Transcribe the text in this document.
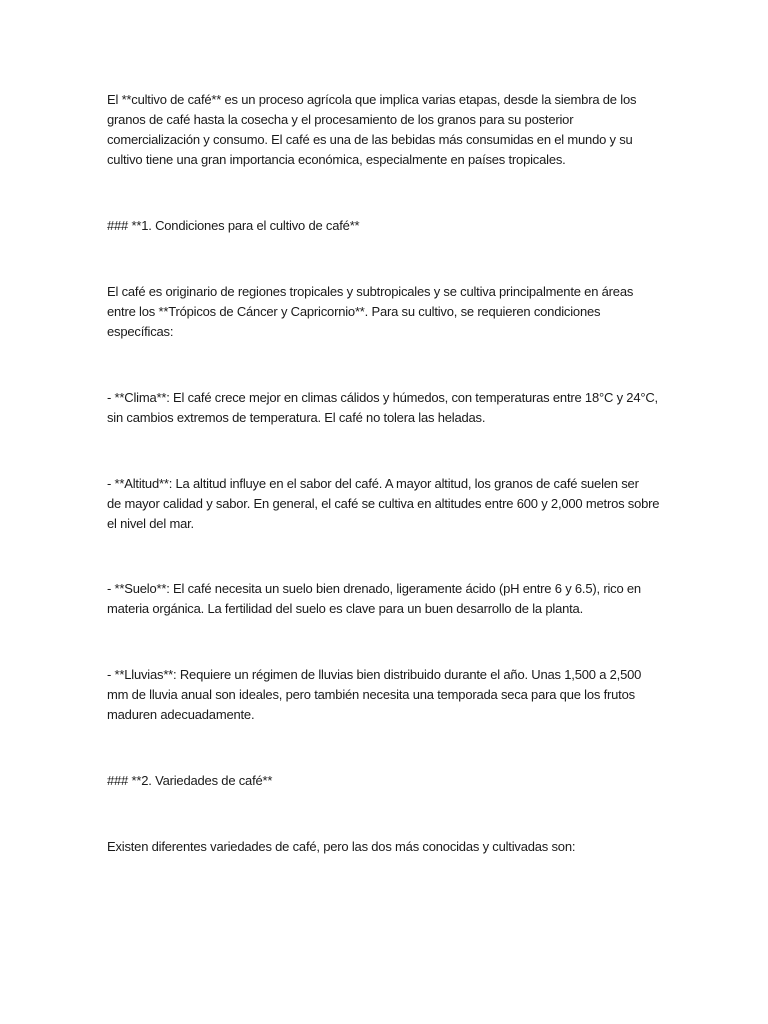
El **cultivo de café** es un proceso agrícola que implica varias etapas, desde la siembra de los
granos de café hasta la cosecha y el procesamiento de los granos para su posterior
comercialización y consumo. El café es una de las bebidas más consumidas en el mundo y su
cultivo tiene una gran importancia económica, especialmente en países tropicales.

### **1. Condiciones para el cultivo de café**

El café es originario de regiones tropicales y subtropicales y se cultiva principalmente en áreas
entre los **Trópicos de Cáncer y Capricornio**. Para su cultivo, se requieren condiciones
específicas:

- **Clima**: El café crece mejor en climas cálidos y húmedos, con temperaturas entre 18°C y 24°C,
sin cambios extremos de temperatura. El café no tolera las heladas.

- **Altitud**: La altitud influye en el sabor del café. A mayor altitud, los granos de café suelen ser
de mayor calidad y sabor. En general, el café se cultiva en altitudes entre 600 y 2,000 metros sobre
el nivel del mar.

- **Suelo**: El café necesita un suelo bien drenado, ligeramente ácido (pH entre 6 y 6.5), rico en
materia orgánica. La fertilidad del suelo es clave para un buen desarrollo de la planta.

- **Lluvias**: Requiere un régimen de lluvias bien distribuido durante el año. Unas 1,500 a 2,500
mm de lluvia anual son ideales, pero también necesita una temporada seca para que los frutos
maduren adecuadamente.

### **2. Variedades de café**

Existen diferentes variedades de café, pero las dos más conocidas y cultivadas son:
